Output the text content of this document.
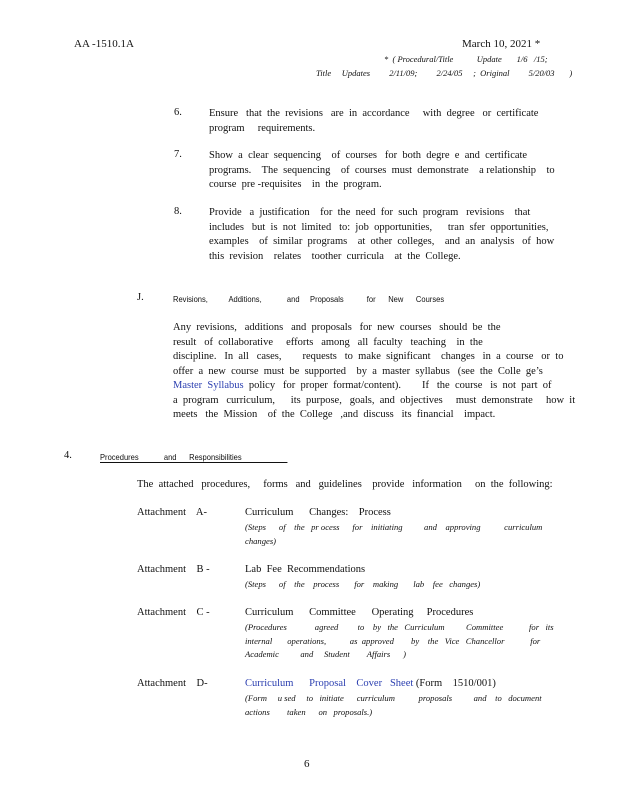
AA -1510.1A	March 10, 2021 *
*  ( Procedural/Title           Update       1/6   /15;
Title     Updates         2/11/09;         2/24/05     ;  Original         5/20/03       )
6.	Ensure   that  the  revisions   are  in  accordance     with  degree   or  certificate
program     requirements.
7.	Show  a  clear  sequencing    of  courses   for  both  degre  e  and  certificate
programs.    The  sequencing    of  courses  must  demonstrate    a relationship    to
course  pre -requisites    in  the  program.
8.	Provide   a  justification    for  the  need  for  such  program   revisions    that
includes   but  is  not  limited   to:  job  opportunities,      tran  sfer  opportunities,
examples    of  similar  programs    at  other  colleges,    and  an  analysis   of  how
this  revision    relates    toother  curricula    at  the  College.
J.	Revisions,          Additions,            and     Proposals           for      New      Courses
Any  revisions,   additions   and  proposals   for  new  courses   should  be  the
result   of  collaborative     efforts   among   all  faculty   teaching    in  the
discipline.   In  all   cases,        requests   to  make  significant    changes   in  a  course   or  to
offer  a  new  course  must  be  supported    by  a  master  syllabus   (see  the  Colle  ge’s
Master  Syllabus  policy   for  proper  format/content).        If   the  course   is  not  part  of
a  program   curriculum,      its  purpose,   goals,  and  objectives     must  demonstrate     how  it
meets   the  Mission    of  the  College   ,and  discuss   its  financial    impact.
4.	Procedures            and      Responsibilities
The  attached   procedures,     forms   and   guidelines    provide   information     on  the  following:
Attachment    A-	Curriculum      Changes:    Process
(Steps      of    the   pr ocess      for    initiating          and    approving           curriculum
changes)
Attachment    B -	Lab  Fee  Recommendations
(Steps      of    the    process       for    making       lab    fee   changes)
Attachment    C -	Curriculum      Committee      Operating     Procedures
(Procedures             agreed         to    by   the   Curriculum          Committee            for   its
internal       operations,           as  approved        by    the   Vice   Chancellor            for
Academic          and     Student        Affairs      )
Attachment    D-	Curriculum      Proposal    Cover   Sheet (Form    1510/001)
(Form     u sed     to   initiate      curriculum           proposals          and    to   document
actions        taken      on   proposals.)
6
